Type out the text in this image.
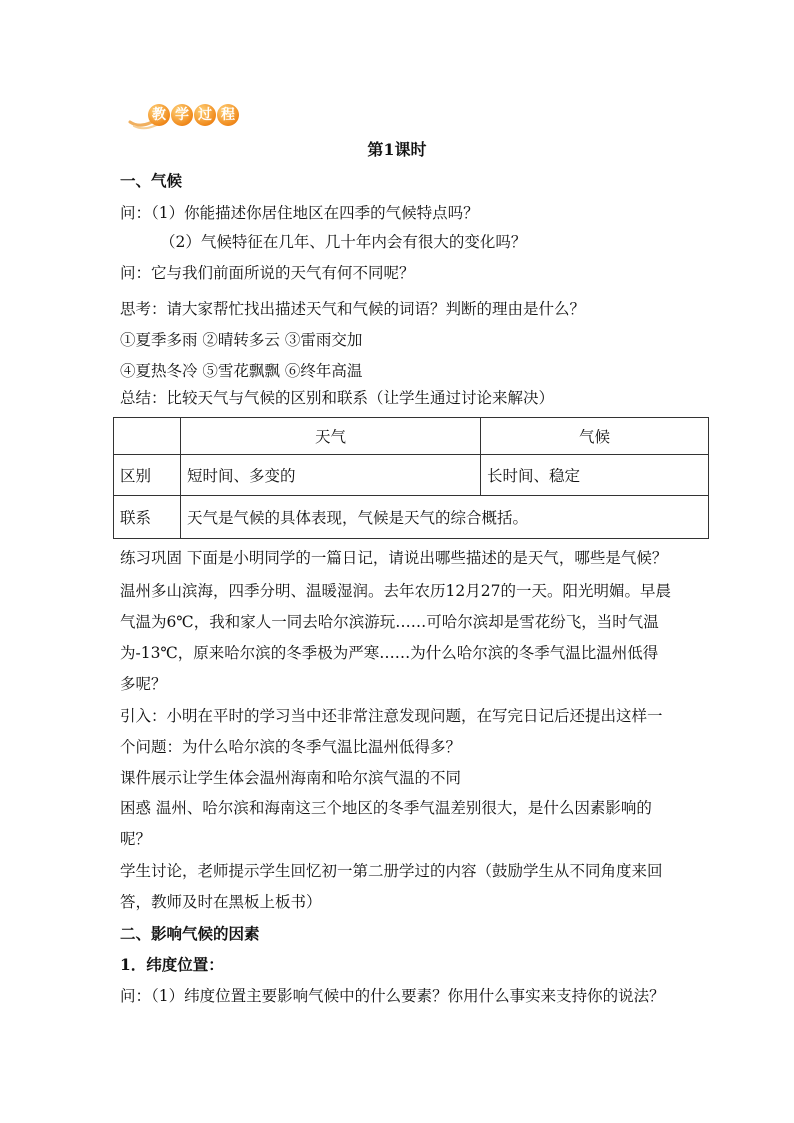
教 学 过 程
第1课时
一、气候
问：（1）你能描述你居住地区在四季的气候特点吗？
（2）气候特征在几年、几十年内会有很大的变化吗？
问：它与我们前面所说的天气有何不同呢？
思考：请大家帮忙找出描述天气和气候的词语？判断的理由是什么？
①夏季多雨 ②晴转多云 ③雷雨交加
④夏热冬冷 ⑤雪花飘飘 ⑥终年高温
总结：比较天气与气候的区别和联系（让学生通过讨论来解决）
	天气	气候
区别	短时间、多变的	长时间、稳定
联系	天气是气候的具体表现，气候是天气的综合概括。	
练习巩固 下面是小明同学的一篇日记，请说出哪些描述的是天气，哪些是气候？
温州多山滨海，四季分明、温暖湿润。去年农历12月27的一天。阳光明媚。早晨
气温为6℃，我和家人一同去哈尔滨游玩……可哈尔滨却是雪花纷飞，当时气温
为-13℃，原来哈尔滨的冬季极为严寒……为什么哈尔滨的冬季气温比温州低得
多呢？
引入：小明在平时的学习当中还非常注意发现问题，在写完日记后还提出这样一
个问题：为什么哈尔滨的冬季气温比温州低得多？
课件展示让学生体会温州海南和哈尔滨气温的不同
困惑 温州、哈尔滨和海南这三个地区的冬季气温差别很大，是什么因素影响的
呢？
学生讨论，老师提示学生回忆初一第二册学过的内容（鼓励学生从不同角度来回
答，教师及时在黑板上板书）
二、影响气候的因素
1．纬度位置：
问：（1）纬度位置主要影响气候中的什么要素？你用什么事实来支持你的说法？
